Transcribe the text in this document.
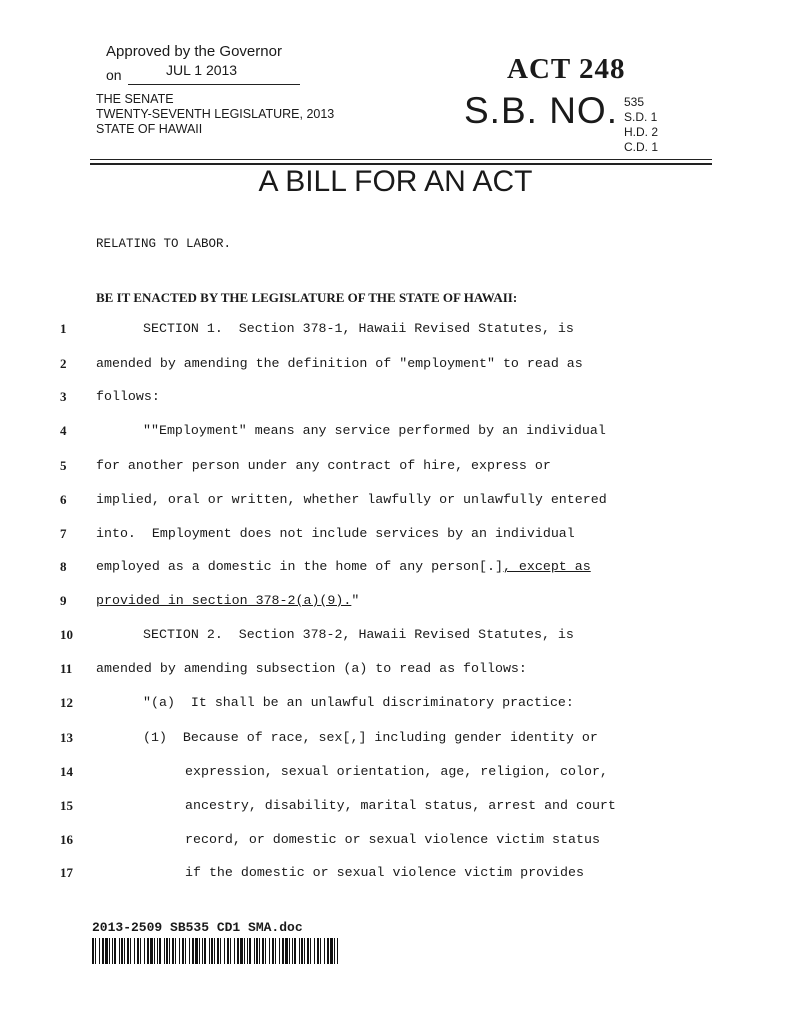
Approved by the Governor
on	JUL 1 2013
THE SENATE
TWENTY-SEVENTH LEGISLATURE, 2013
STATE OF HAWAII
ACT 248
S.B. NO. 535
S.D. 1
H.D. 2
C.D. 1
A BILL FOR AN ACT
RELATING TO LABOR.
BE IT ENACTED BY THE LEGISLATURE OF THE STATE OF HAWAII:
1	SECTION 1.  Section 378-1, Hawaii Revised Statutes, is
2	amended by amending the definition of "employment" to read as
3	follows:
4	""Employment" means any service performed by an individual
5	for another person under any contract of hire, express or
6	implied, oral or written, whether lawfully or unlawfully entered
7	into.  Employment does not include services by an individual
8	employed as a domestic in the home of any person[.], except as
9	provided in section 378-2(a)(9)."
10	SECTION 2.  Section 378-2, Hawaii Revised Statutes, is
11	amended by amending subsection (a) to read as follows:
12	"(a)  It shall be an unlawful discriminatory practice:
13	(1)  Because of race, sex[,] including gender identity or
14	expression, sexual orientation, age, religion, color,
15	ancestry, disability, marital status, arrest and court
16	record, or domestic or sexual violence victim status
17	if the domestic or sexual violence victim provides
2013-2509 SB535 CD1 SMA.doc
